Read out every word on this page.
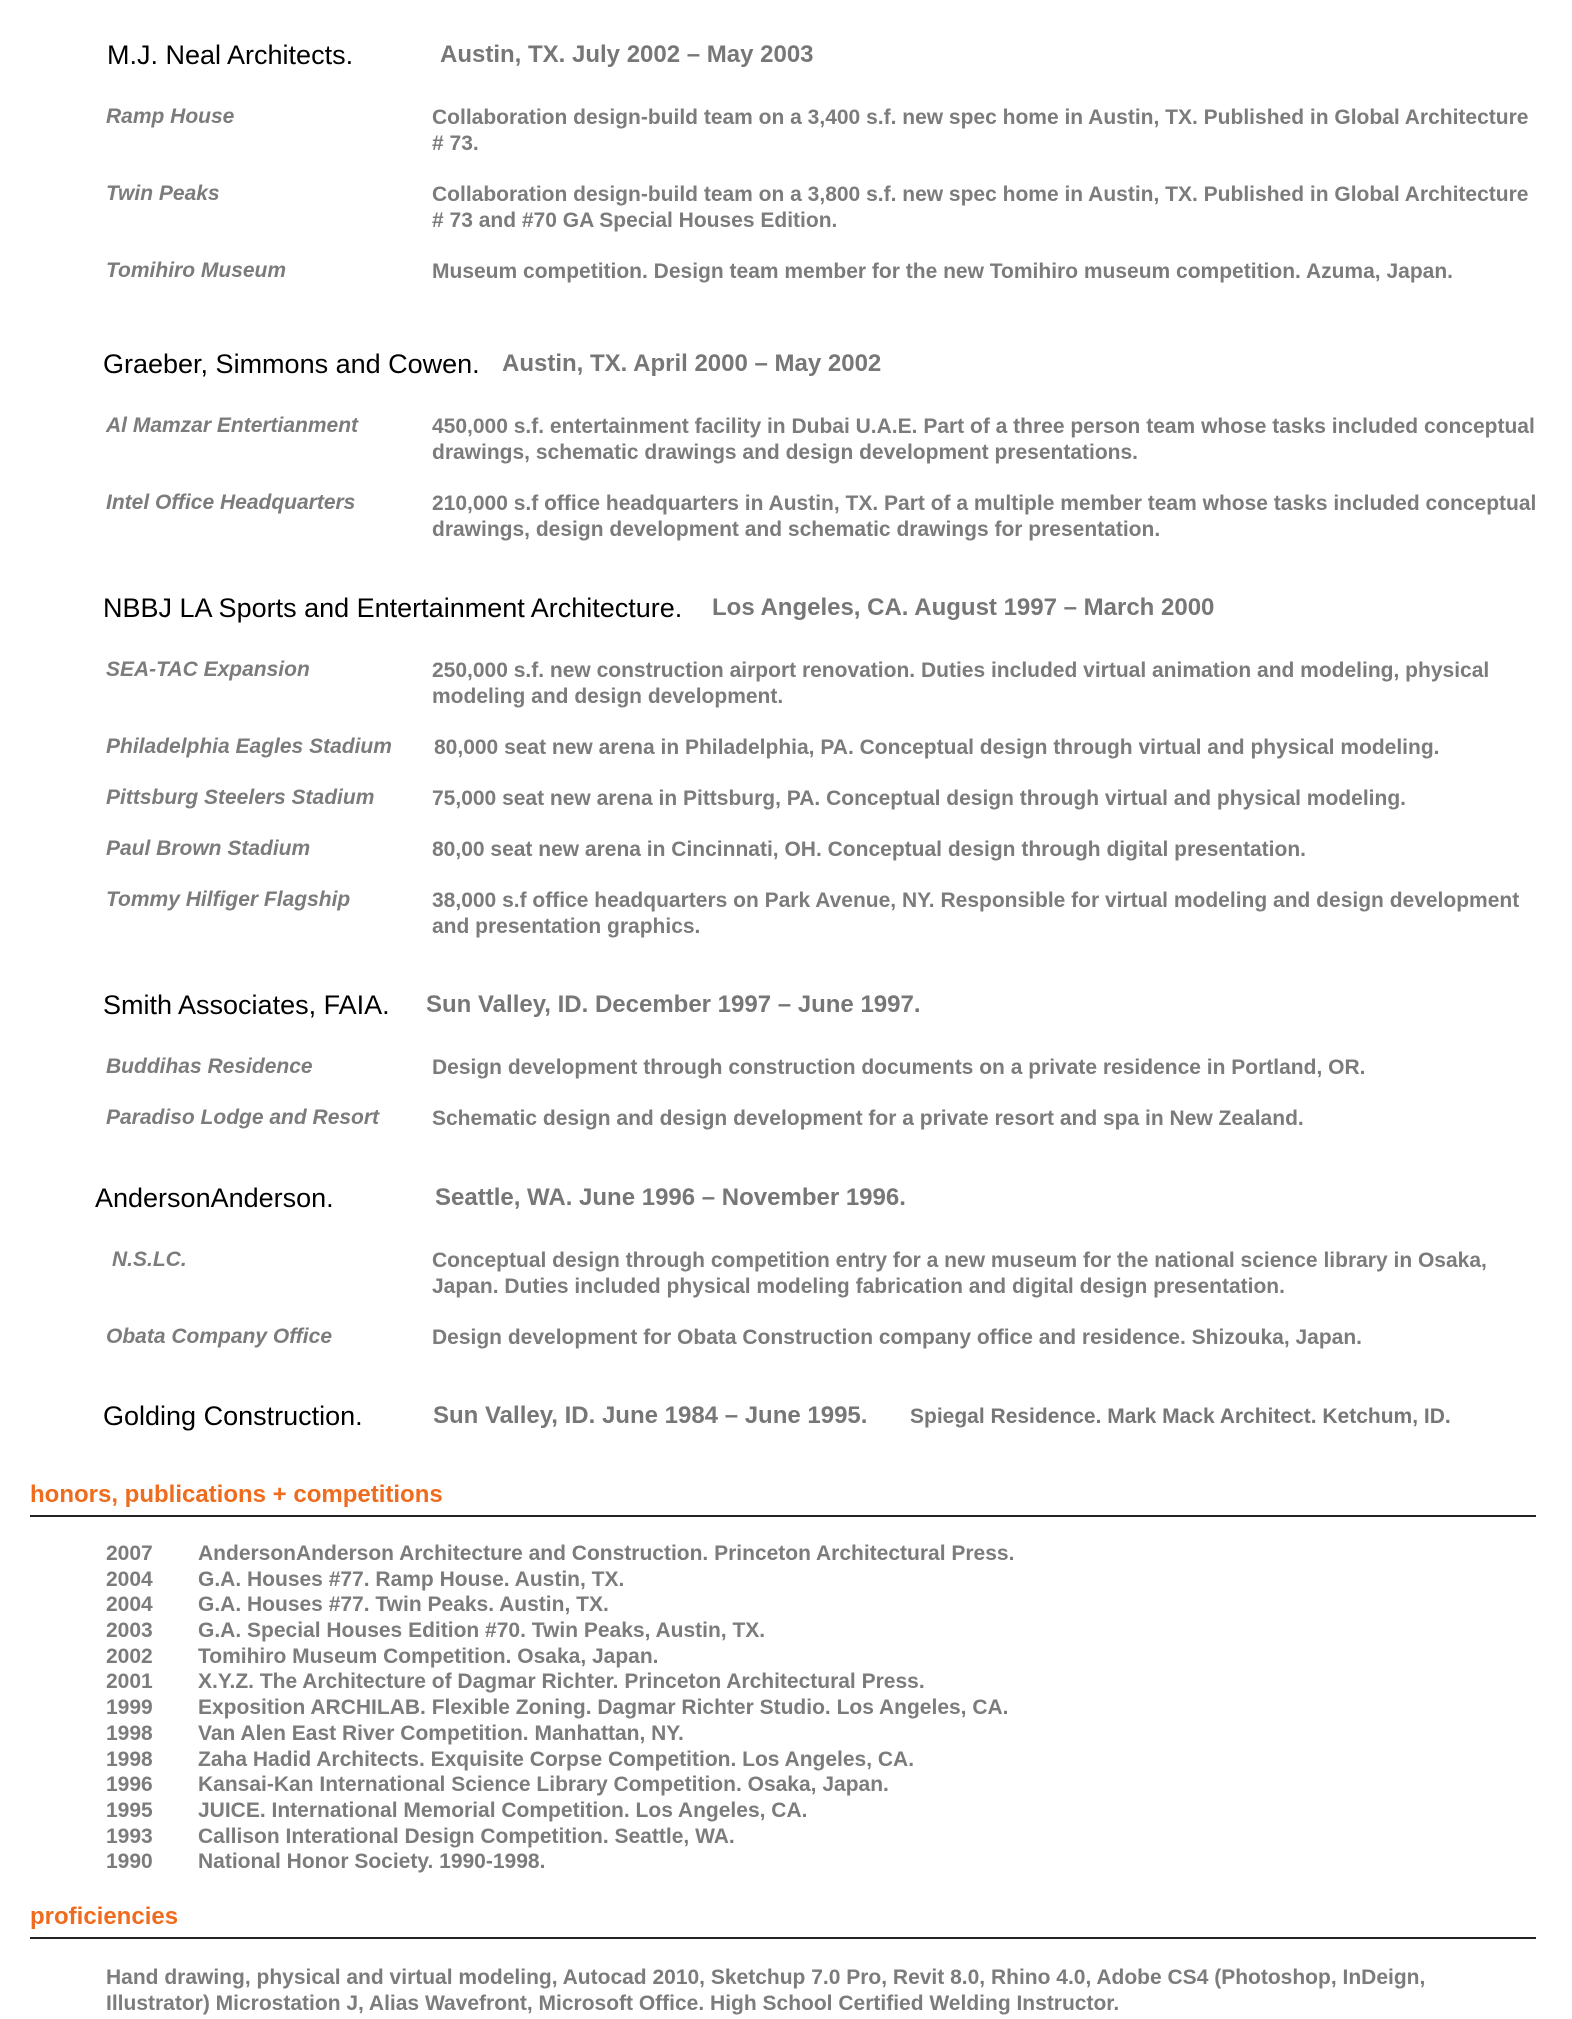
M.J. Neal Architects.	Austin, TX. July 2002 – May 2003
Ramp House	Collaboration design-build team on a 3,400 s.f. new spec home in Austin, TX. Published in Global Architecture # 73.
Twin Peaks	Collaboration design-build team on a 3,800 s.f. new spec home in Austin, TX. Published in Global Architecture # 73 and #70 GA Special Houses Edition.
Tomihiro Museum	Museum competition. Design team member for the new Tomihiro museum competition. Azuma, Japan.
Graeber, Simmons and Cowen. Austin, TX. April 2000 – May 2002
Al Mamzar Entertianment	450,000 s.f. entertainment facility in Dubai U.A.E. Part of a three person team whose tasks included conceptual drawings, schematic drawings and design development presentations.
Intel Office Headquarters	210,000 s.f office headquarters in Austin, TX. Part of a multiple member team whose tasks included conceptual drawings, design development and schematic drawings for presentation.
NBBJ LA Sports and Entertainment Architecture. Los Angeles, CA. August 1997 – March 2000
SEA-TAC Expansion	250,000 s.f. new construction airport renovation. Duties included virtual animation and modeling, physical modeling and design development.
Philadelphia Eagles Stadium 80,000 seat new arena in Philadelphia, PA. Conceptual design through virtual and physical modeling.
Pittsburg Steelers Stadium	75,000 seat new arena in Pittsburg, PA. Conceptual design through virtual and physical modeling.
Paul Brown Stadium	80,00 seat new arena in Cincinnati, OH. Conceptual design through digital presentation.
Tommy Hilfiger Flagship	38,000 s.f office headquarters on Park Avenue, NY. Responsible for virtual modeling and design development and presentation graphics.
Smith Associates, FAIA. Sun Valley, ID. December 1997 – June 1997.
Buddihas Residence	Design development through construction documents on a private residence in Portland, OR.
Paradiso Lodge and Resort	Schematic design and design development for a private resort and spa in New Zealand.
AndersonAnderson.	Seattle, WA. June 1996 – November 1996.
N.S.LC.	Conceptual design through competition entry for a new museum for the national science library in Osaka, Japan. Duties included physical modeling fabrication and digital design presentation.
Obata Company Office	Design development for Obata Construction company office and residence. Shizouka, Japan.
Golding Construction.	Sun Valley, ID. June 1984 – June 1995. Spiegal Residence. Mark Mack Architect. Ketchum, ID.
honors, publications + competitions
2007 AndersonAnderson Architecture and Construction. Princeton Architectural Press.
2004 G.A. Houses #77. Ramp House. Austin, TX.
2004 G.A. Houses #77. Twin Peaks. Austin, TX.
2003 G.A. Special Houses Edition #70. Twin Peaks, Austin, TX.
2002 Tomihiro Museum Competition. Osaka, Japan.
2001 X.Y.Z. The Architecture of Dagmar Richter. Princeton Architectural Press.
1999 Exposition ARCHILAB. Flexible Zoning. Dagmar Richter Studio. Los Angeles, CA.
1998 Van Alen East River Competition. Manhattan, NY.
1998 Zaha Hadid Architects. Exquisite Corpse Competition. Los Angeles, CA.
1996 Kansai-Kan International Science Library Competition. Osaka, Japan.
1995 JUICE. International Memorial Competition. Los Angeles, CA.
1993 Callison Interational Design Competition. Seattle, WA.
1990 National Honor Society. 1990-1998.
proficiencies
Hand drawing, physical and virtual modeling, Autocad 2010, Sketchup 7.0 Pro, Revit 8.0, Rhino 4.0, Adobe CS4 (Photoshop, InDeign, Illustrator) Microstation J, Alias Wavefront, Microsoft Office. High School Certified Welding Instructor.
